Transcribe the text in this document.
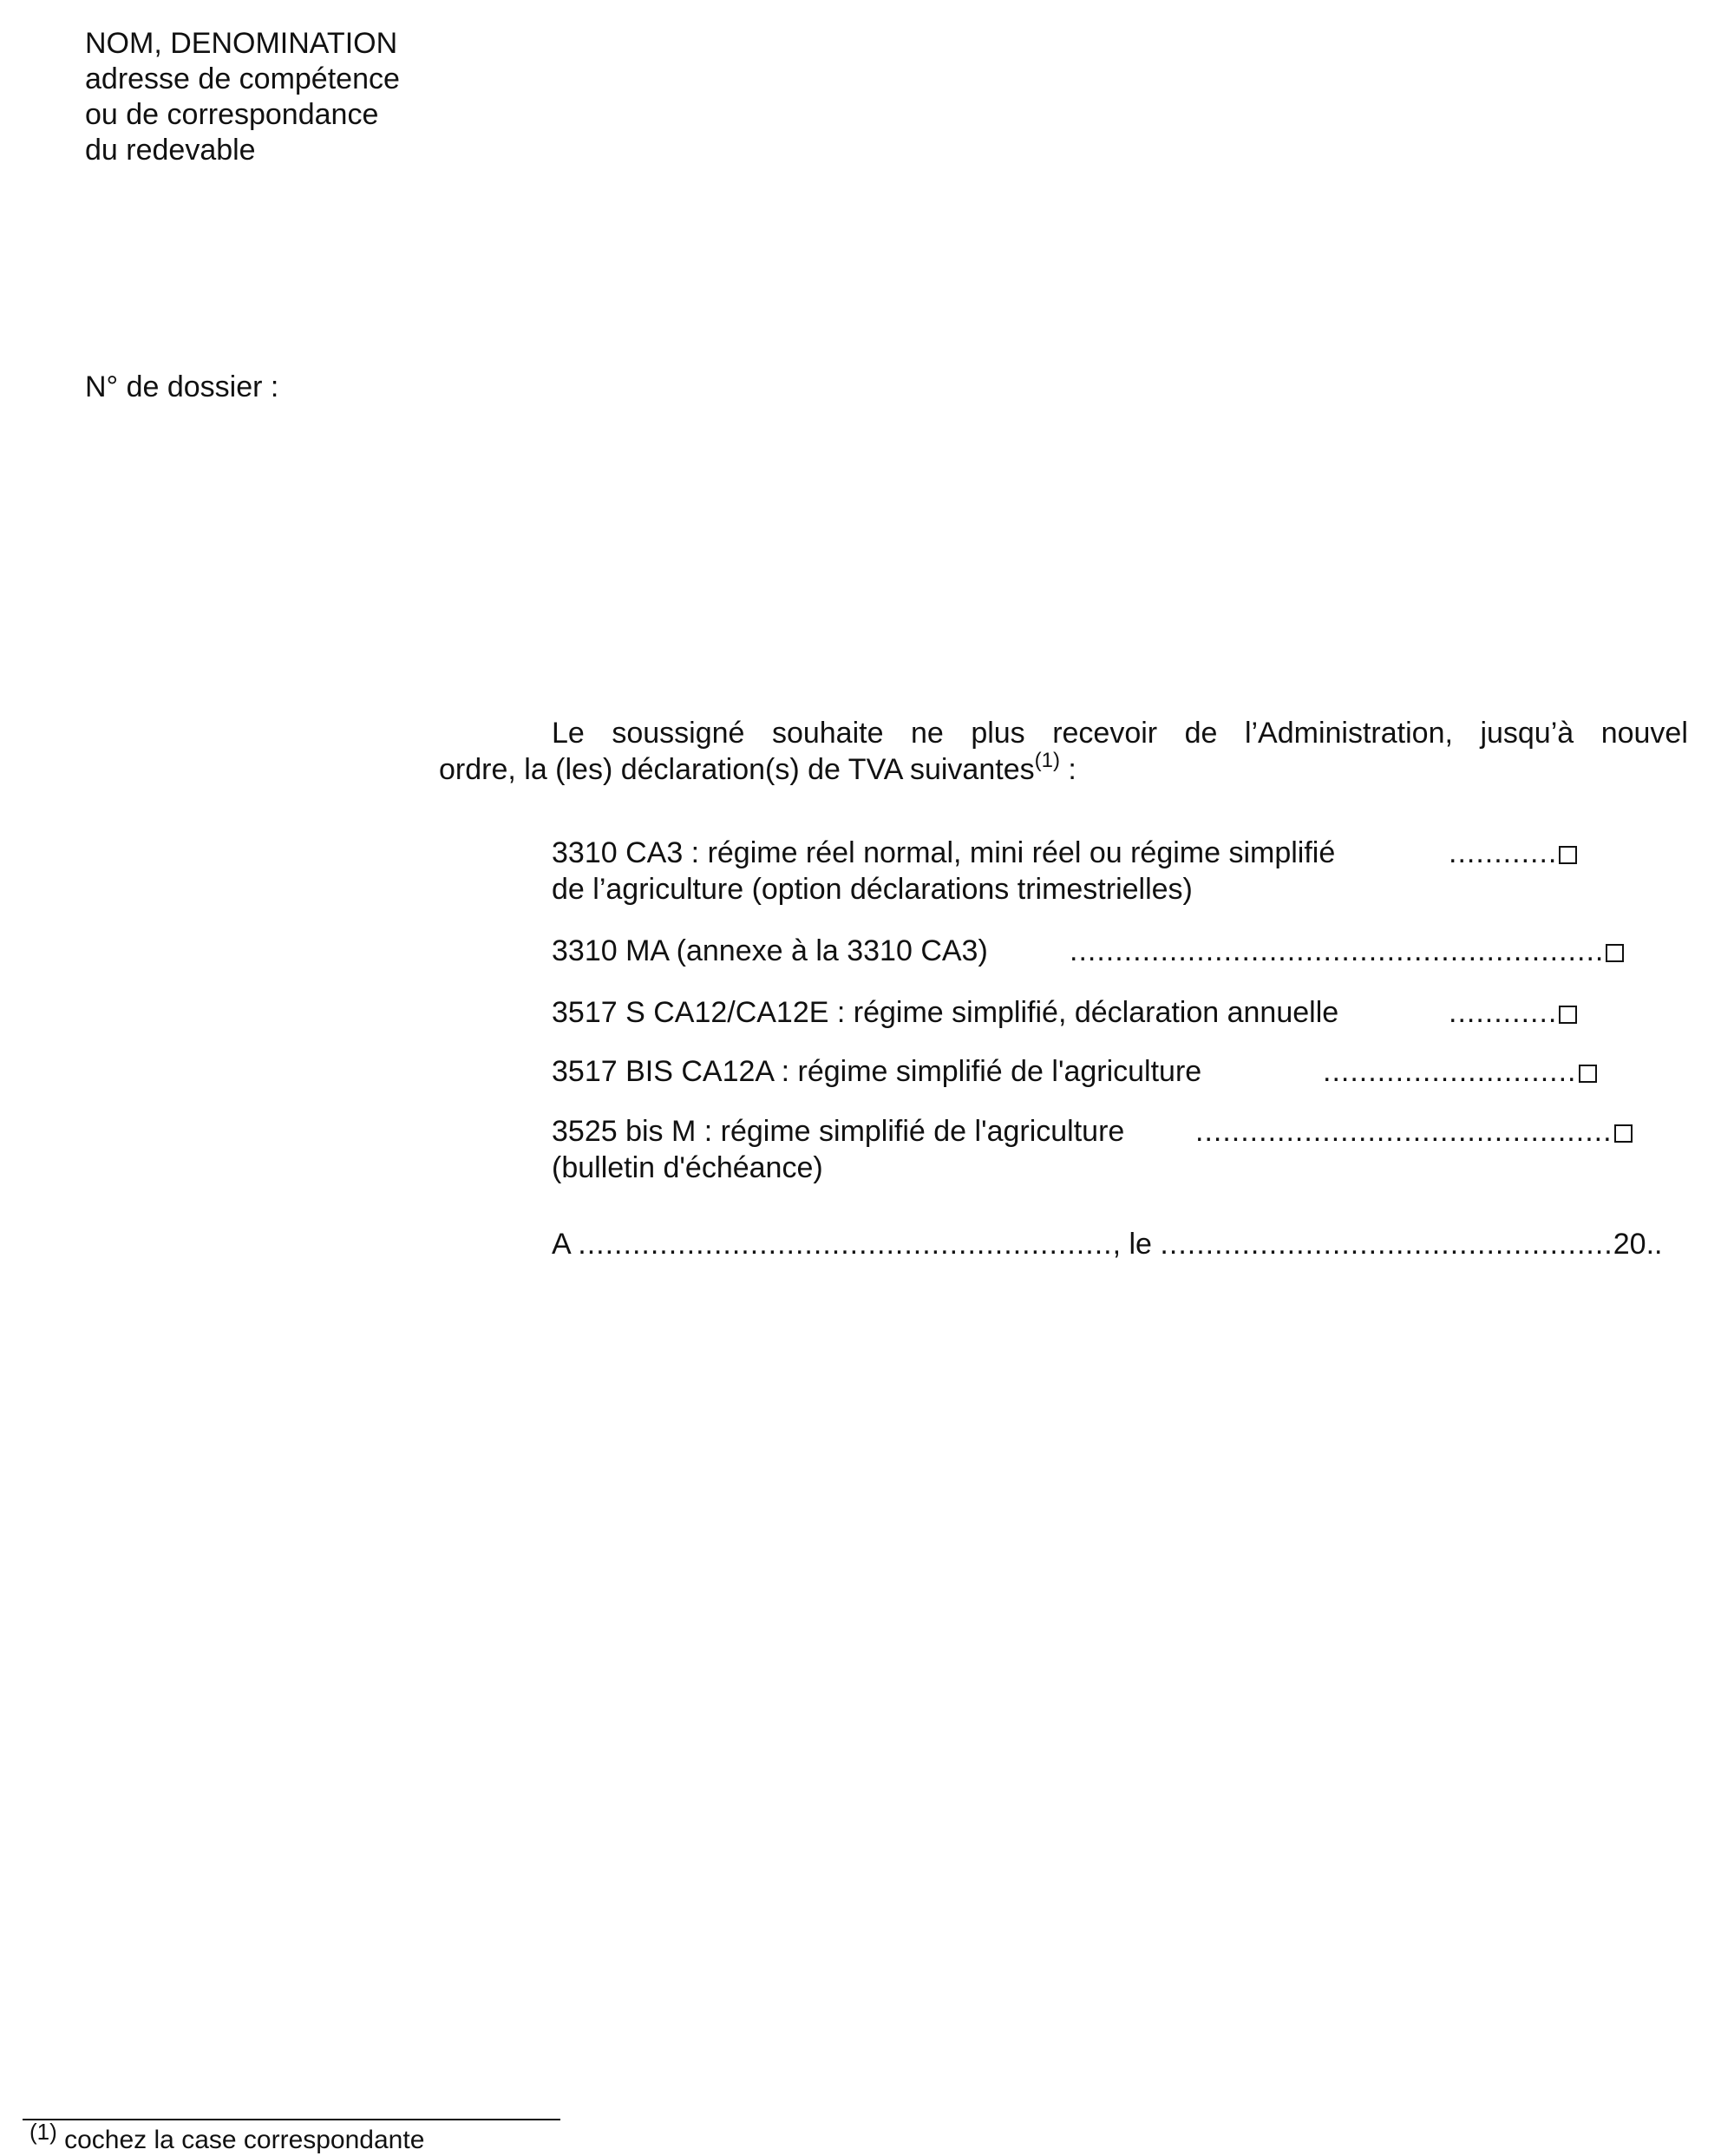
NOM, DENOMINATION
adresse de compétence
ou de correspondance
du redevable
N° de dossier :
Le soussigné souhaite ne plus recevoir de l’Administration, jusqu’à nouvel
ordre, la (les) déclaration(s) de TVA suivantes$^{(1)}$ :
3310 CA3 : régime réel normal, mini réel ou régime simplifié	............
de l’agriculture (option déclarations trimestrielles)
3310 MA (annexe à la 3310 CA3)	...........................................................
3517 S CA12/CA12E : régime simplifié, déclaration annuelle	............
3517 BIS CA12A : régime simplifié de l'agriculture	............................
3525 bis M : régime simplifié de l'agriculture ..............................................
(bulletin d'échéance)
A ..........................................................., le ..................................................20..
$^{(1)}$ cochez la case correspondante
